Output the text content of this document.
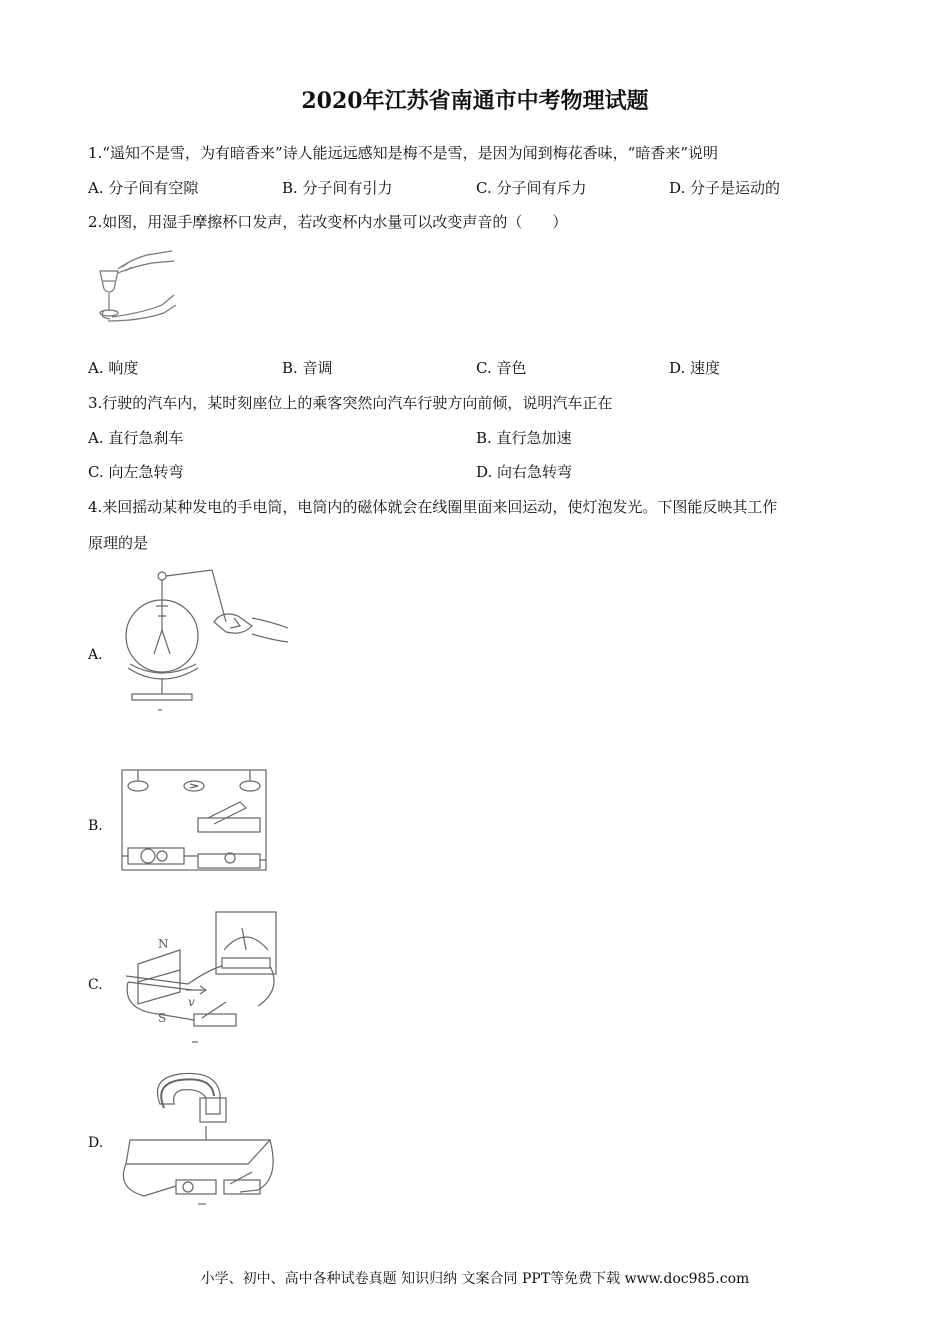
2020年江苏省南通市中考物理试题
1.“遥知不是雪，为有暗香来”诗人能远远感知是梅不是雪，是因为闻到梅花香味，“暗香来”说明
A. 分子间有空隙	B. 分子间有引力	C. 分子间有斥力	D. 分子是运动的
2.如图，用湿手摩擦杯口发声，若改变杯内水量可以改变声音的（　　）
A. 响度	B. 音调	C. 音色	D. 速度
3.行驶的汽车内，某时刻座位上的乘客突然向汽车行驶方向前倾，说明汽车正在
A. 直行急刹车	B. 直行急加速
C. 向左急转弯	D. 向右急转弯
4.来回摇动某种发电的手电筒，电筒内的磁体就会在线圈里面来回运动，使灯泡发光。下图能反映其工作
原理的是
A.
B.
C.
N
S
v
D.
小学、初中、高中各种试卷真题 知识归纳 文案合同 PPT等免费下载 www.doc985.com
